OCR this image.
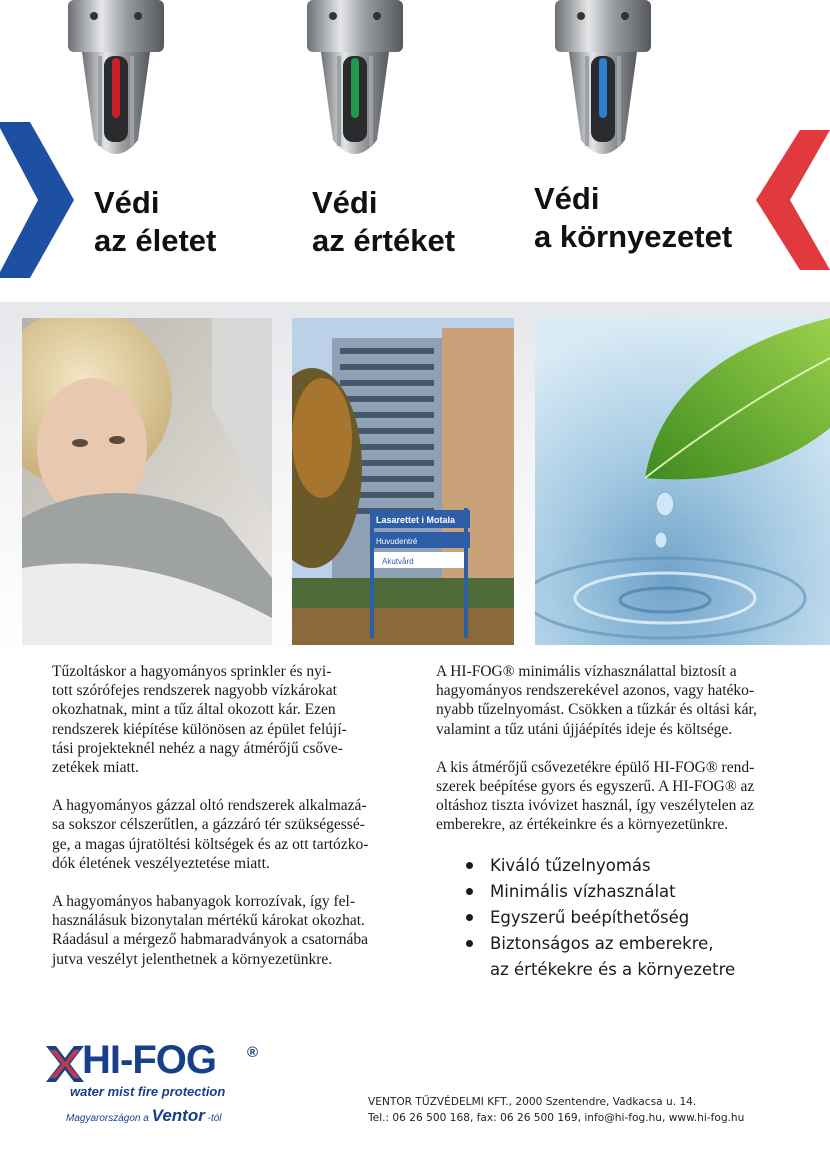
Védi
az életet
Védi
az értéket
Védi
a környezetet
Lasarettet i Motala
Huvudentré
Akutvård

Tűzoltáskor a hagyományos sprinkler és nyi-
tott szórófejes rendszerek nagyobb vízkárokat
okozhatnak, mint a tűz által okozott kár. Ezen
rendszerek kiépítése különösen az épület felújí-
tási projekteknél nehéz a nagy átmérőjű csőve-
zetékek miatt.

A hagyományos gázzal oltó rendszerek alkalmazá-
sa sokszor célszerűtlen, a gázzáró tér szükségessé-
ge, a magas újratöltési költségek és az ott tartózko-
dók életének veszélyeztetése miatt.

A hagyományos habanyagok korrozívak, így fel-
használásuk bizonytalan mértékű károkat okozhat.
Ráadásul a mérgező habmaradványok a csatornába
jutva veszélyt jelenthetnek a környezetünkre.

A HI-FOG® minimális vízhasználattal biztosít a
hagyományos rendszerekével azonos, vagy hatéko-
nyabb tűzelnyomást. Csökken a tűzkár és oltási kár,
valamint a tűz utáni újjáépítés ideje és költsége.

A kis átmérőjű csővezetékre épülő HI-FOG® rend-
szerek beépítése gyors és egyszerű. A HI-FOG® az
oltáshoz tiszta ivóvizet használ, így veszélytelen az
emberekre, az értékeinkre és a környezetünkre.

Kiváló tűzelnyomás
Minimális vízhasználat
Egyszerű beépíthetőség
Biztonságos az emberekre,
az értékekre és a környezetre
HI-FOG ®
water mist fire protection
Magyarországon a Ventor -tól
VENTOR TŰZVÉDELMI KFT., 2000 Szentendre, Vadkacsa u. 14.
Tel.: 06 26 500 168, fax: 06 26 500 169, info@hi-fog.hu, www.hi-fog.hu
